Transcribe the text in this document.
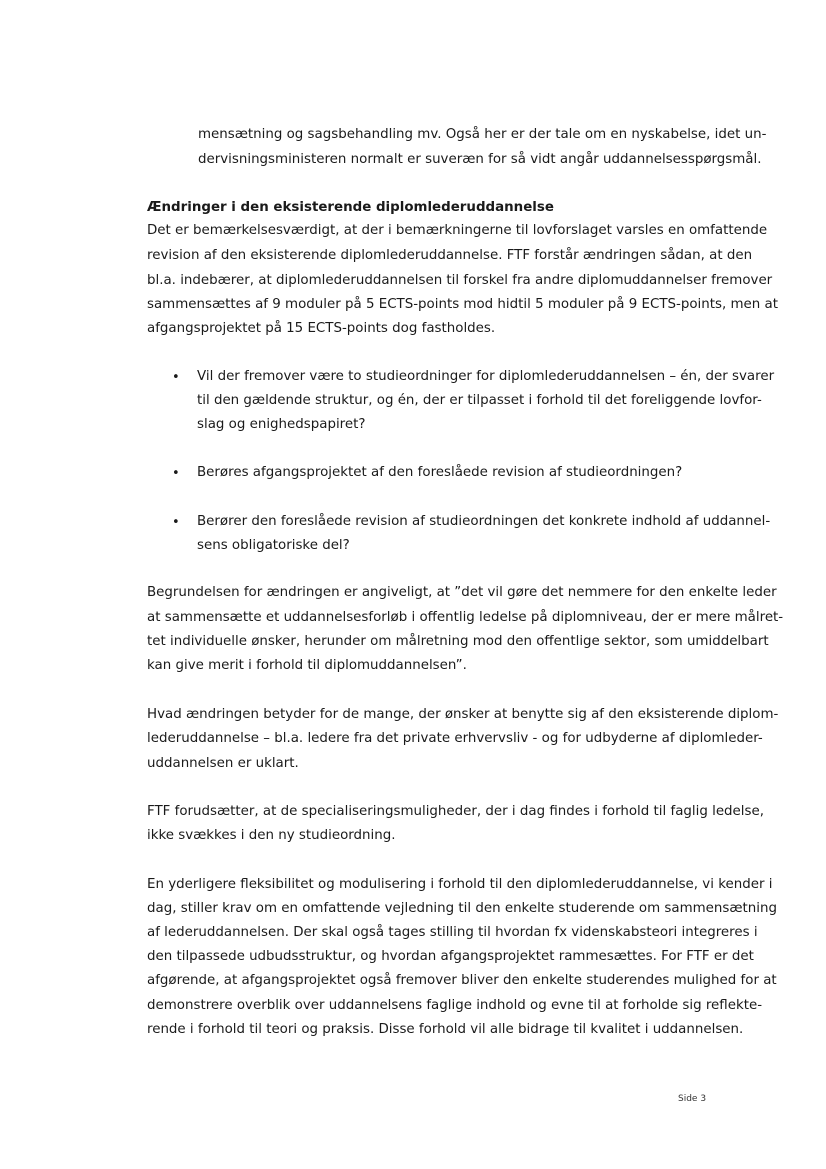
mensætning og sagsbehandling mv. Også her er der tale om en nyskabelse, idet un-
dervisningsministeren normalt er suveræn for så vidt angår uddannelsesspørgsmål.
Ændringer i den eksisterende diplomlederuddannelse
Det er bemærkelsesværdigt, at der i bemærkningerne til lovforslaget varsles en omfattende
revision af den eksisterende diplomlederuddannelse. FTF forstår ændringen sådan, at den
bl.a. indebærer, at diplomlederuddannelsen til forskel fra andre diplomuddannelser fremover
sammensættes af 9 moduler på 5 ECTS-points mod hidtil 5 moduler på 9 ECTS-points, men at
afgangsprojektet på 15 ECTS-points dog fastholdes.
• Vil der fremover være to studieordninger for diplomlederuddannelsen – én, der svarer
til den gældende struktur, og én, der er tilpasset i forhold til det foreliggende lovfor-
slag og enighedspapiret?
• Berøres afgangsprojektet af den foreslåede revision af studieordningen?
• Berører den foreslåede revision af studieordningen det konkrete indhold af uddannel-
sens obligatoriske del?
Begrundelsen for ændringen er angiveligt, at ”det vil gøre det nemmere for den enkelte leder
at sammensætte et uddannelsesforløb i offentlig ledelse på diplomniveau, der er mere målret-
tet individuelle ønsker, herunder om målretning mod den offentlige sektor, som umiddelbart
kan give merit i forhold til diplomuddannelsen”.
Hvad ændringen betyder for de mange, der ønsker at benytte sig af den eksisterende diplom-
lederuddannelse – bl.a. ledere fra det private erhvervsliv - og for udbyderne af diplomleder-
uddannelsen er uklart.
FTF forudsætter, at de specialiseringsmuligheder, der i dag findes i forhold til faglig ledelse,
ikke svækkes i den ny studieordning.
En yderligere fleksibilitet og modulisering i forhold til den diplomlederuddannelse, vi kender i
dag, stiller krav om en omfattende vejledning til den enkelte studerende om sammensætning
af lederuddannelsen. Der skal også tages stilling til hvordan fx videnskabsteori integreres i
den tilpassede udbudsstruktur, og hvordan afgangsprojektet rammesættes. For FTF er det
afgørende, at afgangsprojektet også fremover bliver den enkelte studerendes mulighed for at
demonstrere overblik over uddannelsens faglige indhold og evne til at forholde sig reflekte-
rende i forhold til teori og praksis. Disse forhold vil alle bidrage til kvalitet i uddannelsen.
Side 3
